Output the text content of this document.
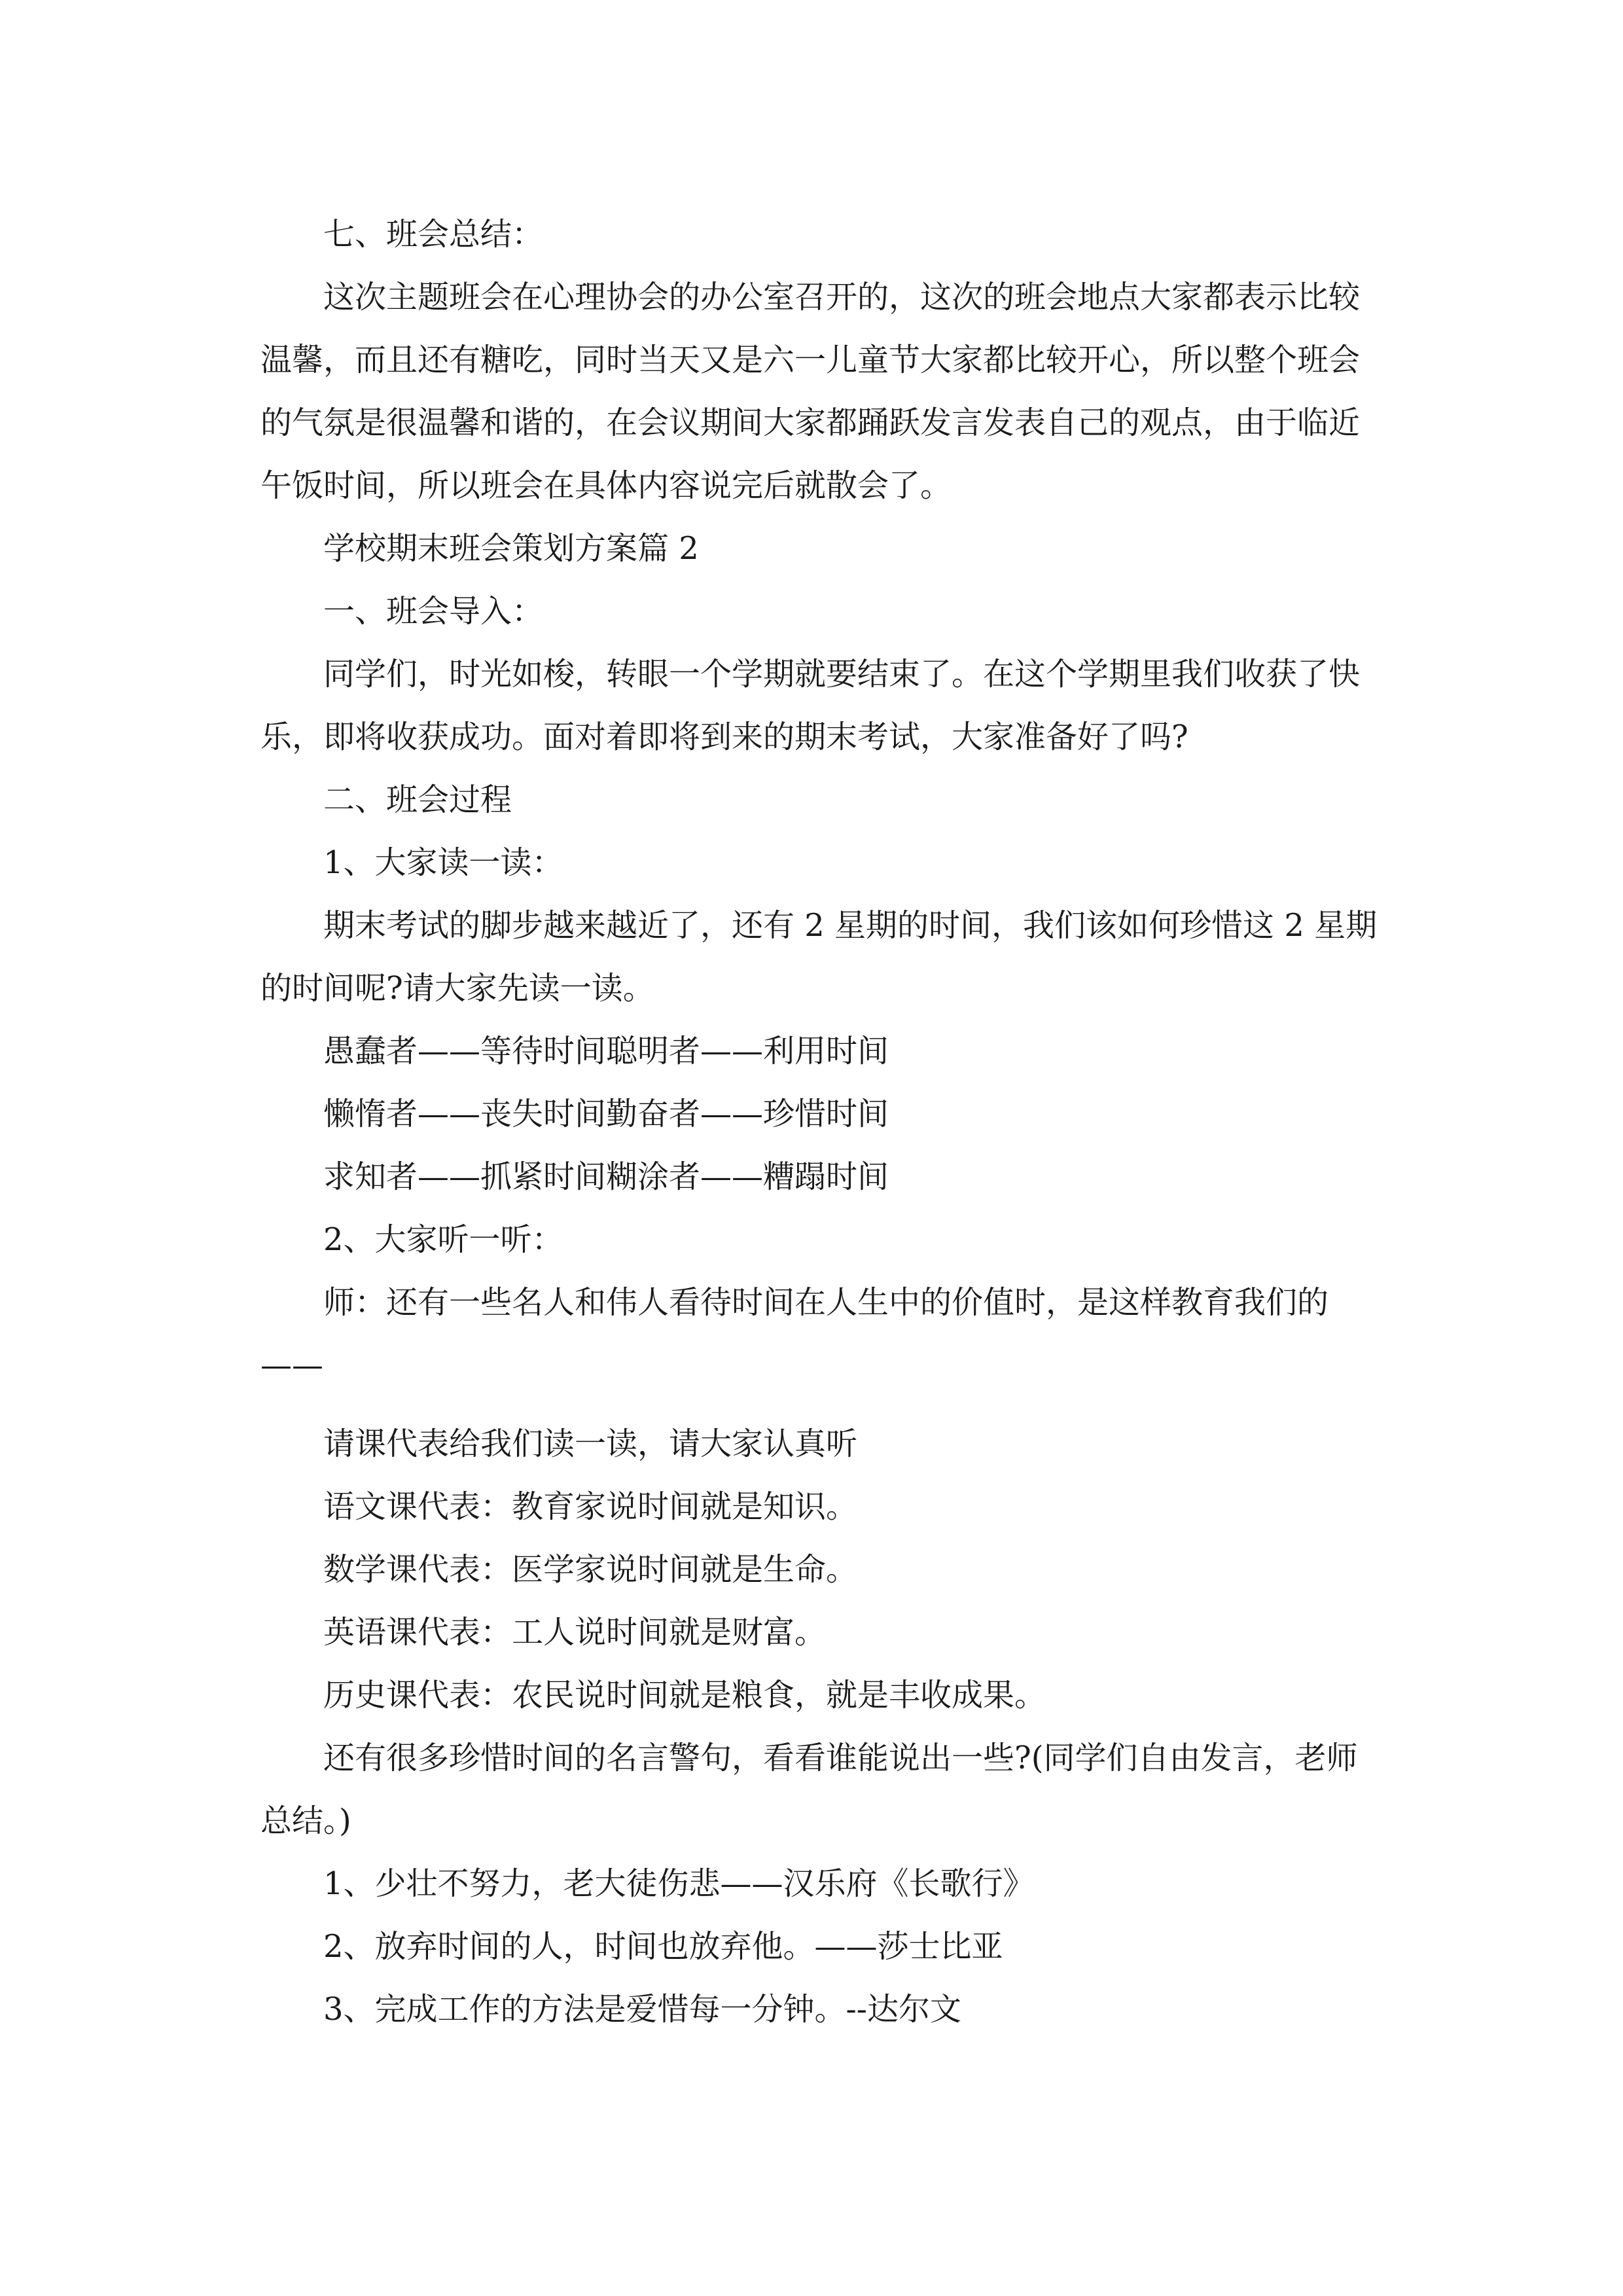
七、班会总结：

这次主题班会在心理协会的办公室召开的，这次的班会地点大家都表示比较温馨，而且还有糖吃，同时当天又是六一儿童节大家都比较开心，所以整个班会的气氛是很温馨和谐的，在会议期间大家都踊跃发言发表自己的观点，由于临近午饭时间，所以班会在具体内容说完后就散会了。

学校期末班会策划方案篇 2

一、班会导入：

同学们，时光如梭，转眼一个学期就要结束了。在这个学期里我们收获了快乐，即将收获成功。面对着即将到来的期末考试，大家准备好了吗?

二、班会过程

1、大家读一读：

期末考试的脚步越来越近了，还有 2 星期的时间，我们该如何珍惜这 2 星期的时间呢?请大家先读一读。

愚蠢者——等待时间聪明者——利用时间

懒惰者——丧失时间勤奋者——珍惜时间

求知者——抓紧时间糊涂者——糟蹋时间

2、大家听一听：

师：还有一些名人和伟人看待时间在人生中的价值时，是这样教育我们的——

请课代表给我们读一读，请大家认真听

语文课代表：教育家说时间就是知识。

数学课代表：医学家说时间就是生命。

英语课代表：工人说时间就是财富。

历史课代表：农民说时间就是粮食，就是丰收成果。

还有很多珍惜时间的名言警句，看看谁能说出一些?(同学们自由发言，老师总结。)

1、少壮不努力，老大徒伤悲——汉乐府《长歌行》

2、放弃时间的人，时间也放弃他。——莎士比亚

3、完成工作的方法是爱惜每一分钟。--达尔文
